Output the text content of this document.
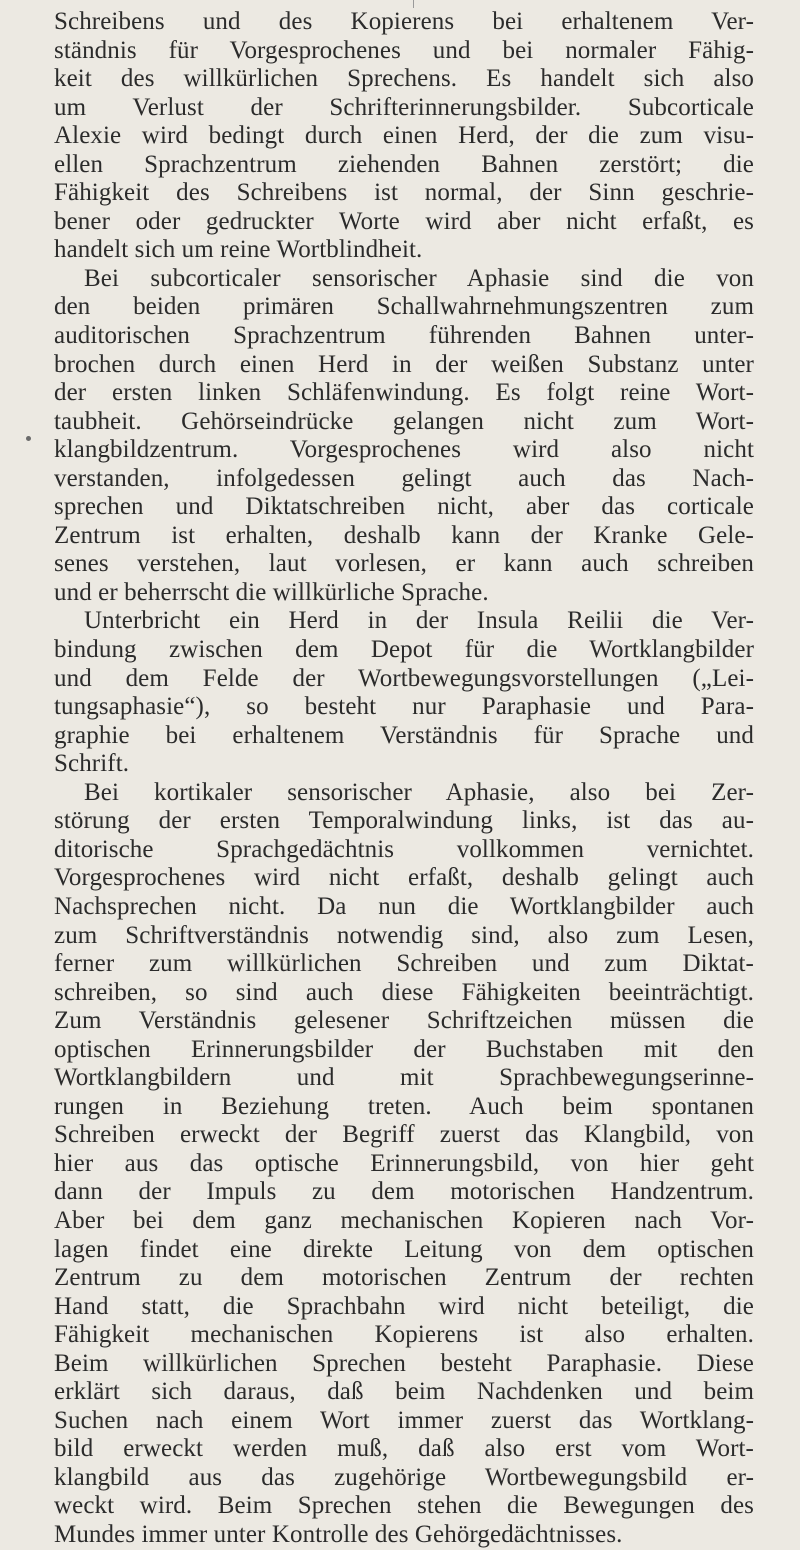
Schreibens und des Kopierens bei erhaltenem Ver-
ständnis für Vorgesprochenes und bei normaler Fähig-
keit des willkürlichen Sprechens. Es handelt sich also
um Verlust der Schrifterinnerungsbilder. Subcorticale
Alexie wird bedingt durch einen Herd, der die zum visu-
ellen Sprachzentrum ziehenden Bahnen zerstört; die
Fähigkeit des Schreibens ist normal, der Sinn geschrie-
bener oder gedruckter Worte wird aber nicht erfaßt, es
handelt sich um reine Wortblindheit.
Bei subcorticaler sensorischer Aphasie sind die von
den beiden primären Schallwahrnehmungszentren zum
auditorischen Sprachzentrum führenden Bahnen unter-
brochen durch einen Herd in der weißen Substanz unter
der ersten linken Schläfenwindung. Es folgt reine Wort-
taubheit. Gehörseindrücke gelangen nicht zum Wort-
klangbildzentrum. Vorgesprochenes wird also nicht
verstanden, infolgedessen gelingt auch das Nach-
sprechen und Diktatschreiben nicht, aber das corticale
Zentrum ist erhalten, deshalb kann der Kranke Gele-
senes verstehen, laut vorlesen, er kann auch schreiben
und er beherrscht die willkürliche Sprache.
Unterbricht ein Herd in der Insula Reilii die Ver-
bindung zwischen dem Depot für die Wortklangbilder
und dem Felde der Wortbewegungsvorstellungen („Lei-
tungsaphasie“), so besteht nur Paraphasie und Para-
graphie bei erhaltenem Verständnis für Sprache und
Schrift.
Bei kortikaler sensorischer Aphasie, also bei Zer-
störung der ersten Temporalwindung links, ist das au-
ditorische Sprachgedächtnis vollkommen vernichtet.
Vorgesprochenes wird nicht erfaßt, deshalb gelingt auch
Nachsprechen nicht. Da nun die Wortklangbilder auch
zum Schriftverständnis notwendig sind, also zum Lesen,
ferner zum willkürlichen Schreiben und zum Diktat-
schreiben, so sind auch diese Fähigkeiten beeinträchtigt.
Zum Verständnis gelesener Schriftzeichen müssen die
optischen Erinnerungsbilder der Buchstaben mit den
Wortklangbildern und mit Sprachbewegungserinne-
rungen in Beziehung treten. Auch beim spontanen
Schreiben erweckt der Begriff zuerst das Klangbild, von
hier aus das optische Erinnerungsbild, von hier geht
dann der Impuls zu dem motorischen Handzentrum.
Aber bei dem ganz mechanischen Kopieren nach Vor-
lagen findet eine direkte Leitung von dem optischen
Zentrum zu dem motorischen Zentrum der rechten
Hand statt, die Sprachbahn wird nicht beteiligt, die
Fähigkeit mechanischen Kopierens ist also erhalten.
Beim willkürlichen Sprechen besteht Paraphasie. Diese
erklärt sich daraus, daß beim Nachdenken und beim
Suchen nach einem Wort immer zuerst das Wortklang-
bild erweckt werden muß, daß also erst vom Wort-
klangbild aus das zugehörige Wortbewegungsbild er-
weckt wird. Beim Sprechen stehen die Bewegungen des
Mundes immer unter Kontrolle des Gehörgedächtnisses.
